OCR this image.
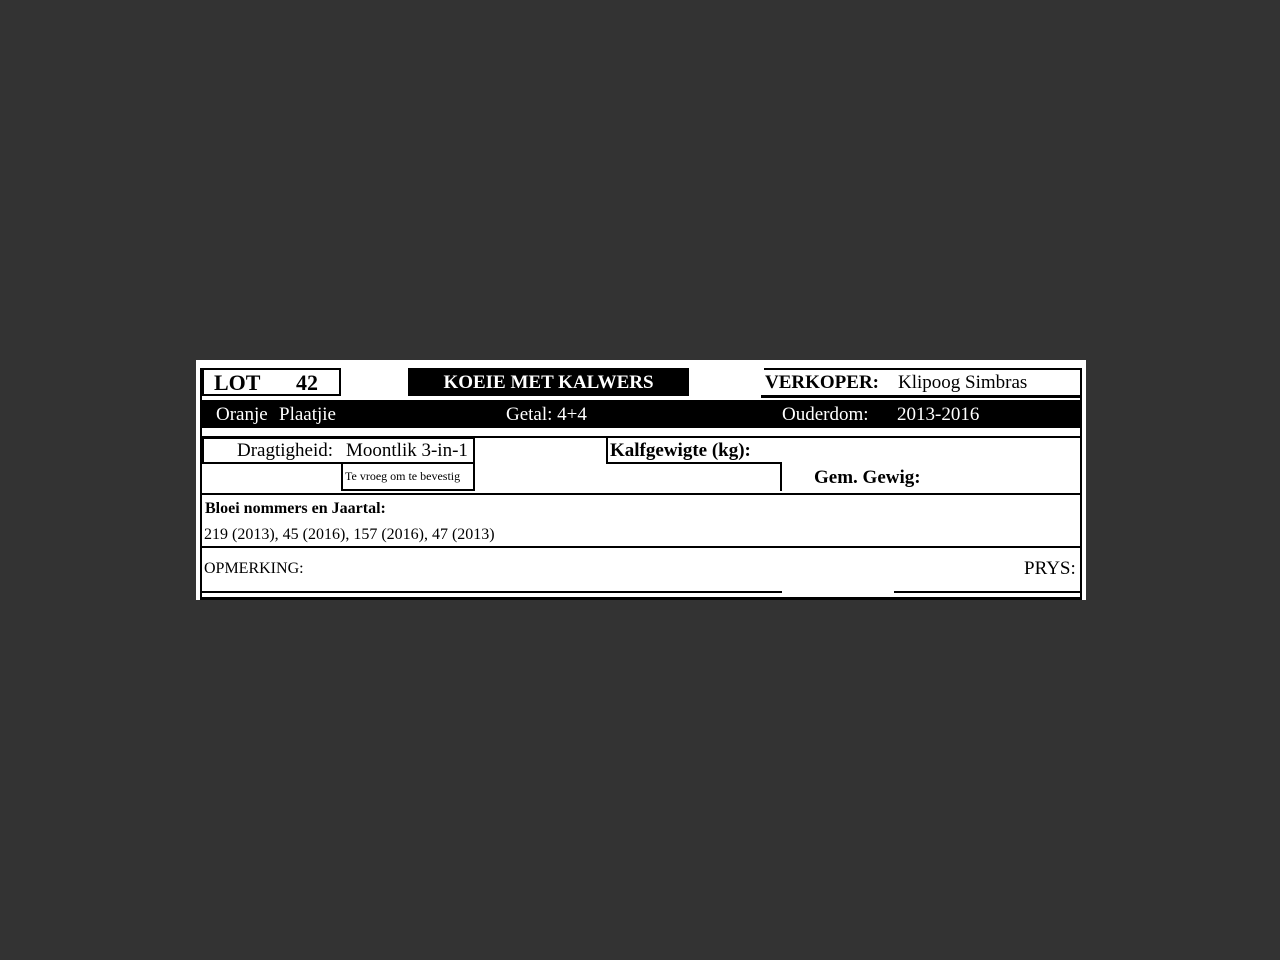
LOT 42	KOEIE MET KALWERS	VERKOPER: Klipoog Simbras
Oranje Plaatjie	Getal: 4+4	Ouderdom: 2013-2016
Dragtigheid: Moontlik 3-in-1
Te vroeg om te bevestig
Kalfgewigte (kg):
Gem. Gewig:
Bloei nommers en Jaartal:
219 (2013), 45 (2016), 157 (2016), 47 (2013)
OPMERKING:	PRYS:
